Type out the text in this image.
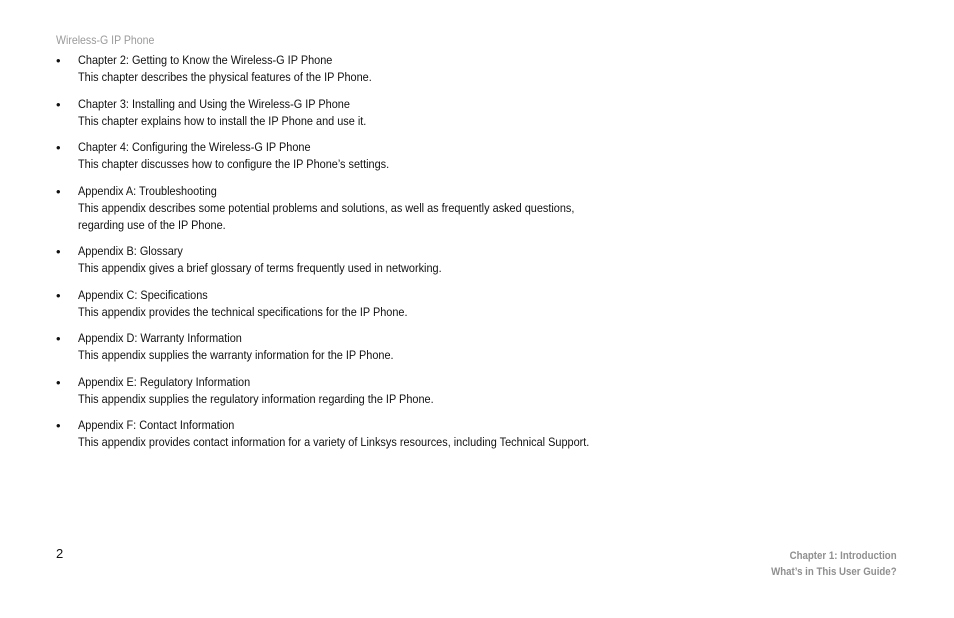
Wireless-G IP Phone
•	Chapter 2: Getting to Know the Wireless-G IP Phone
This chapter describes the physical features of the IP Phone.
•	Chapter 3: Installing and Using the Wireless-G IP Phone
This chapter explains how to install the IP Phone and use it.
•	Chapter 4: Configuring the Wireless-G IP Phone
This chapter discusses how to configure the IP Phone’s settings.
•	Appendix A: Troubleshooting
This appendix describes some potential problems and solutions, as well as frequently asked questions,
regarding use of the IP Phone.
•	Appendix B: Glossary
This appendix gives a brief glossary of terms frequently used in networking.
•	Appendix C: Specifications
This appendix provides the technical specifications for the IP Phone.
•	Appendix D: Warranty Information
This appendix supplies the warranty information for the IP Phone.
•	Appendix E: Regulatory Information
This appendix supplies the regulatory information regarding the IP Phone.
•	Appendix F: Contact Information
This appendix provides contact information for a variety of Linksys resources, including Technical Support.
2	Chapter 1: Introduction
What’s in This User Guide?
